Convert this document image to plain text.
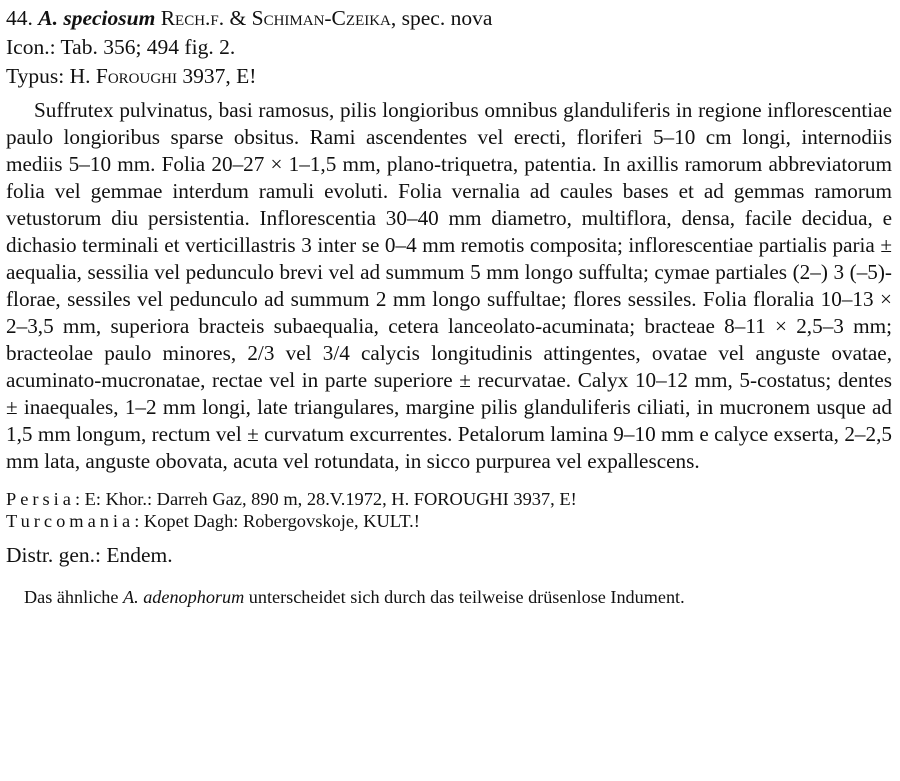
44. A. speciosum Rech.f. & Schiman-Czeika, spec. nova
Icon.: Tab. 356; 494 fig. 2.
Typus: H. Foroughi 3937, E!
Suffrutex pulvinatus, basi ramosus, pilis longioribus omnibus glanduliferis in regione inflorescentiae paulo longioribus sparse obsitus. Rami ascendentes vel erecti, floriferi 5–10 cm longi, internodiis mediis 5–10 mm. Folia 20–27 × 1–1,5 mm, plano-triquetra, patentia. In axillis ramorum abbreviatorum folia vel gemmae interdum ramuli evoluti. Folia vernalia ad caules bases et ad gemmas ramorum vetustorum diu persistentia. Inflorescentia 30–40 mm diametro, multiflora, densa, facile decidua, e dichasio terminali et verticillastris 3 inter se 0–4 mm remotis composita; inflorescentiae partialis paria ± aequalia, sessilia vel pedunculo brevi vel ad summum 5 mm longo suffulta; cymae partiales (2–) 3 (–5)-florae, sessiles vel pedunculo ad summum 2 mm longo suffultae; flores sessiles. Folia floralia 10–13 × 2–3,5 mm, superiora bracteis subaequalia, cetera lanceolato-acuminata; bracteae 8–11 × 2,5–3 mm; bracteolae paulo minores, 2/3 vel 3/4 calycis longitudinis attingentes, ovatae vel anguste ovatae, acuminato-mucronatae, rectae vel in parte superiore ± recurvatae. Calyx 10–12 mm, 5-costatus; dentes ± inaequales, 1–2 mm longi, late triangulares, margine pilis glanduliferis ciliati, in mucronem usque ad 1,5 mm longum, rectum vel ± curvatum excurrentes. Petalorum lamina 9–10 mm e calyce exserta, 2–2,5 mm lata, anguste obovata, acuta vel rotundata, in sicco purpurea vel expallescens.
Persia: E: Khor.: Darreh Gaz, 890 m, 28.V.1972, H. FOROUGHI 3937, E!
Turcomania: Kopet Dagh: Robergovskoje, KULT.!
Distr. gen.: Endem.
Das ähnliche A. adenophorum unterscheidet sich durch das teilweise drüsenlose Indument.
